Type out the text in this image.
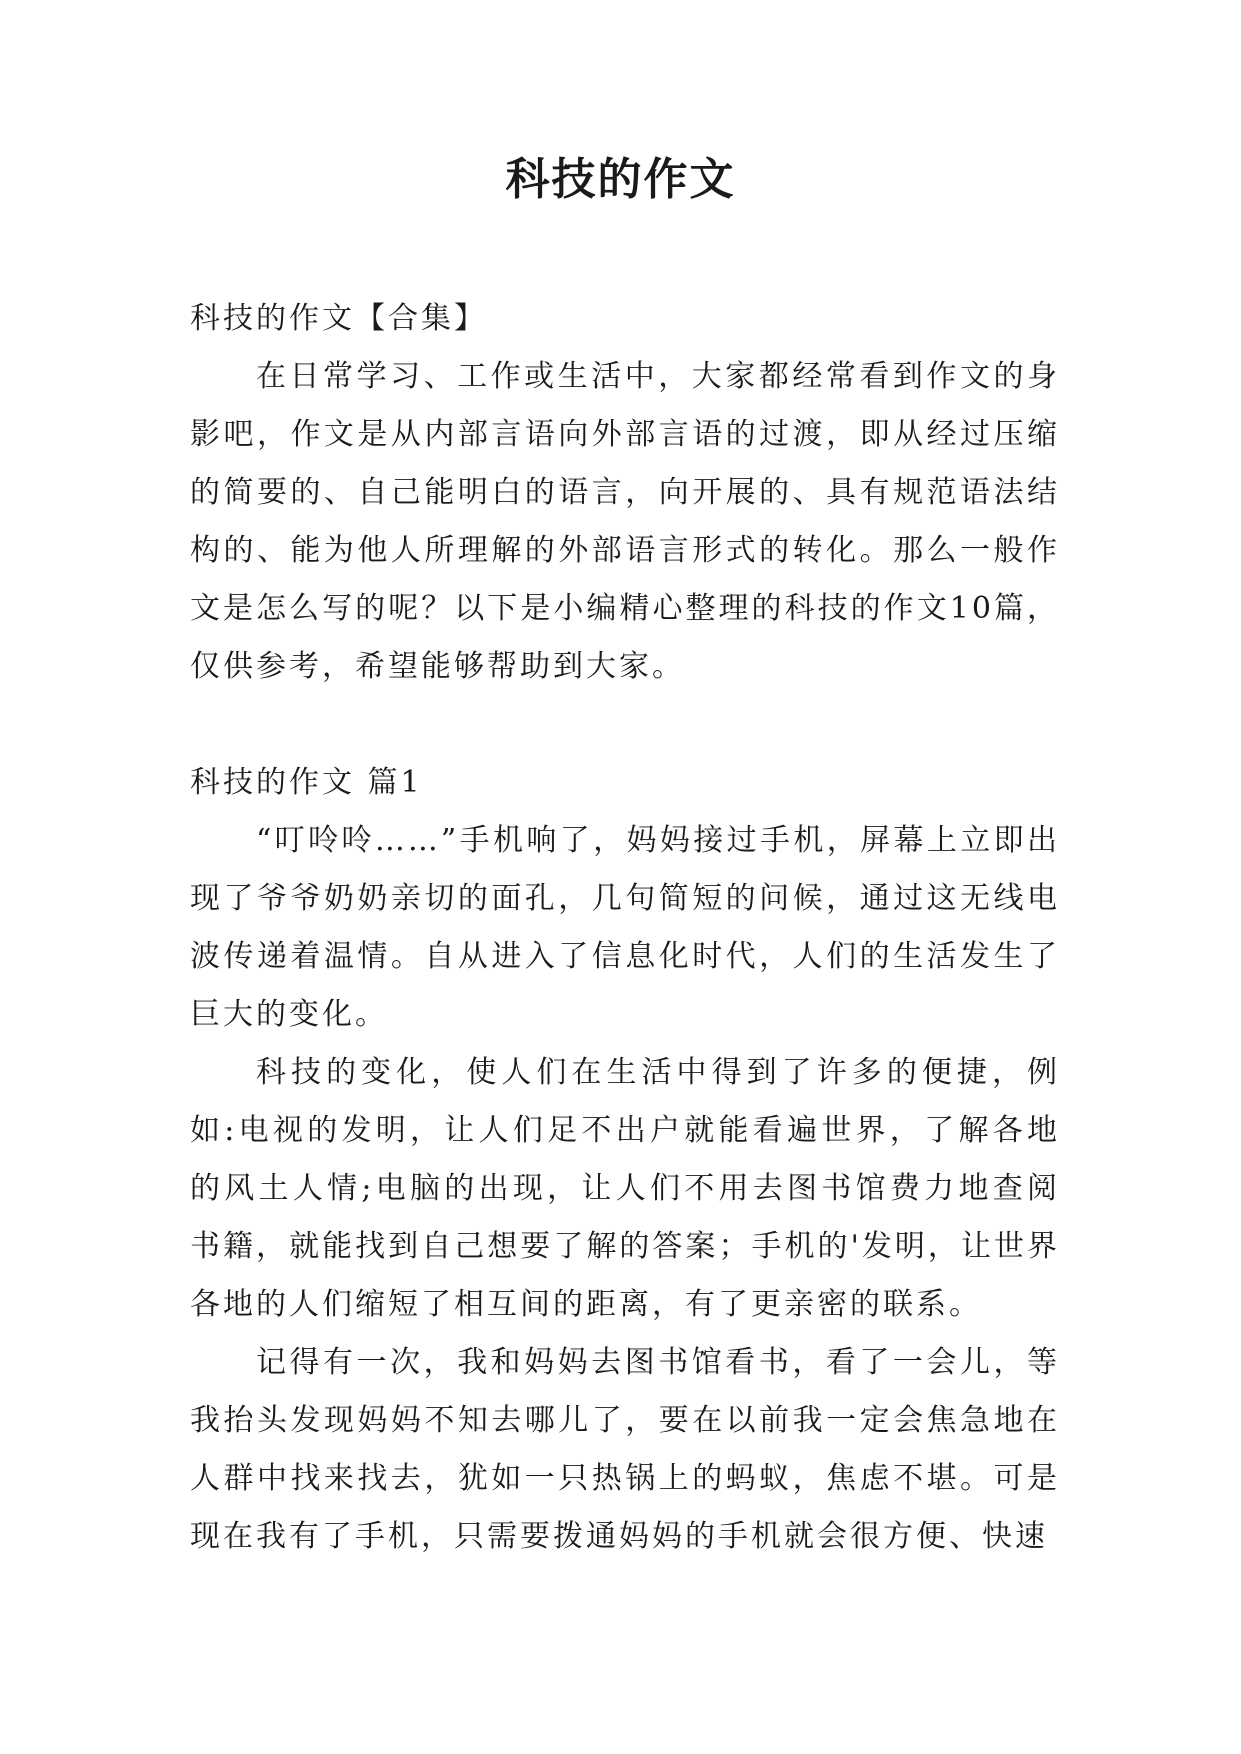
科技的作文

科技的作文【合集】

在日常学习、工作或生活中，大家都经常看到作文的身影吧，作文是从内部言语向外部言语的过渡，即从经过压缩的简要的、自己能明白的语言，向开展的、具有规范语法结构的、能为他人所理解的外部语言形式的转化。那么一般作文是怎么写的呢？以下是小编精心整理的科技的作文10篇，仅供参考，希望能够帮助到大家。

科技的作文 篇1

“叮呤呤……”手机响了，妈妈接过手机，屏幕上立即出现了爷爷奶奶亲切的面孔，几句简短的问候，通过这无线电波传递着温情。自从进入了信息化时代，人们的生活发生了巨大的变化。

科技的变化，使人们在生活中得到了许多的便捷，例如:电视的发明，让人们足不出户就能看遍世界，了解各地的风土人情;电脑的出现，让人们不用去图书馆费力地查阅书籍，就能找到自己想要了解的答案；手机的'发明，让世界各地的人们缩短了相互间的距离，有了更亲密的联系。

记得有一次，我和妈妈去图书馆看书，看了一会儿，等我抬头发现妈妈不知去哪儿了，要在以前我一定会焦急地在人群中找来找去，犹如一只热锅上的蚂蚁，焦虑不堪。可是现在我有了手机，只需要拨通妈妈的手机就会很方便、快速
